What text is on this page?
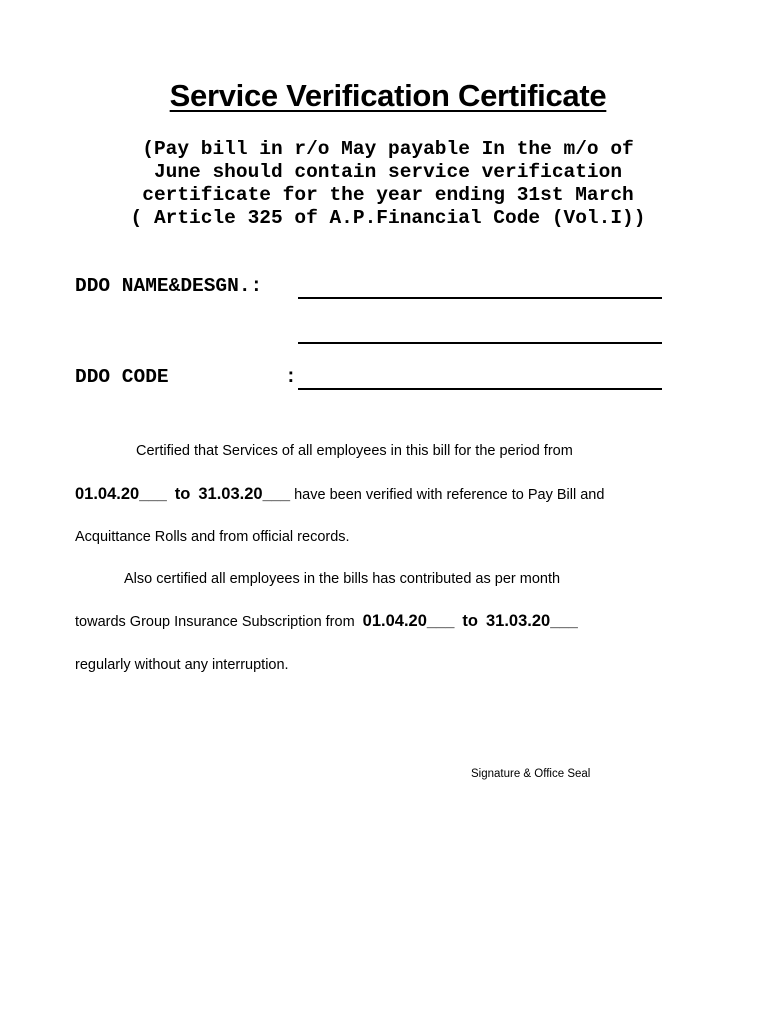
Service Verification Certificate
(Pay bill in r/o May payable In the m/o of
June should contain service verification
certificate for the year ending 31st March
( Article 325 of A.P.Financial Code (Vol.I))
DDO NAME&DESGN.:
DDO CODE	:
Certified that Services of all employees in this bill for the period from
01.04.20___ to 31.03.20___ have been verified with reference to Pay Bill and
Acquittance Rolls and from official records.
Also certified all employees in the bills has contributed as per month
towards Group Insurance Subscription from 01.04.20___ to 31.03.20___
regularly without any interruption.
Signature & Office Seal
